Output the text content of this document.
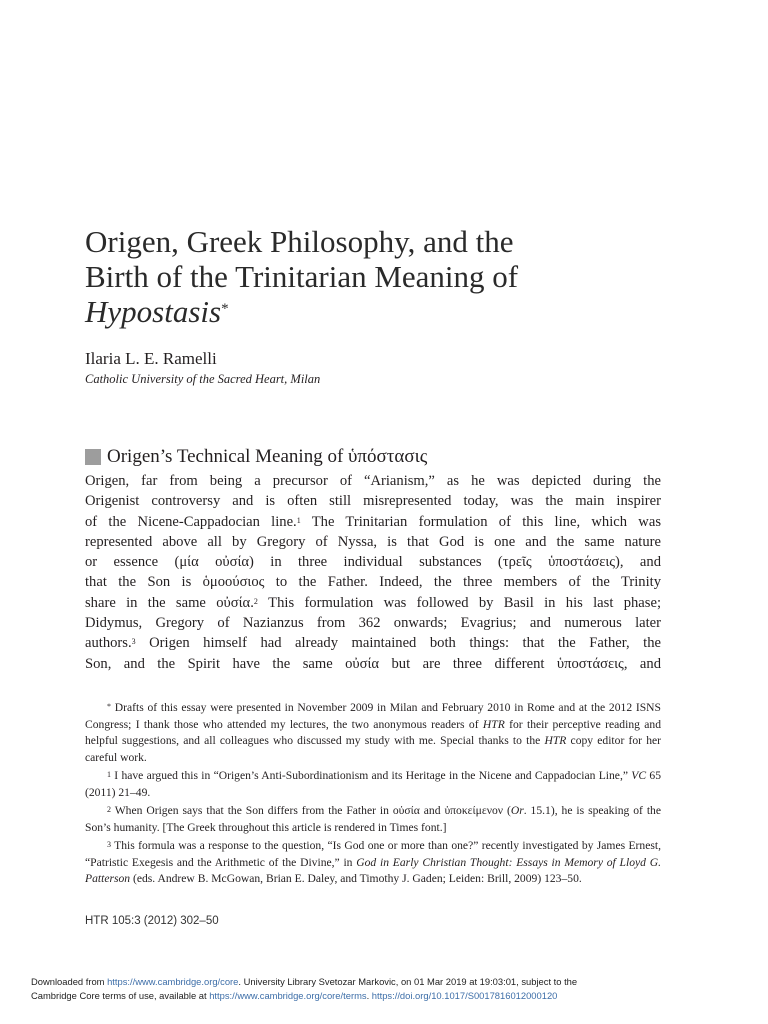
Origen, Greek Philosophy, and the
Birth of the Trinitarian Meaning of
Hypostasis*
Ilaria L. E. Ramelli
Catholic University of the Sacred Heart, Milan
Origen’s Technical Meaning of ὑπόστασις

Origen, far from being a precursor of “Arianism,” as he was depicted during the

Origenist controversy and is often still misrepresented today, was the main inspirer

of the Nicene-Cappadocian line.$^1$ The Trinitarian formulation of this line, which was

represented above all by Gregory of Nyssa, is that God is one and the same nature

or essence (μία οὐσία) in three individual substances (τρεῖς ὑποστάσεις), and

that the Son is ὁμοούσιος to the Father. Indeed, the three members of the Trinity

share in the same οὐσία.$^2$ This formulation was followed by Basil in his last phase;

Didymus, Gregory of Nazianzus from 362 onwards; Evagrius; and numerous later

authors.$^3$ Origen himself had already maintained both things: that the Father, the

Son, and the Spirit have the same οὐσία but are three different ὑποστάσεις, and

* Drafts of this essay were presented in November 2009 in Milan and February 2010 in Rome and at the 2012 ISNS Congress; I thank those who attended my lectures, the two anonymous readers of HTR for their perceptive reading and helpful suggestions, and all colleagues who discussed my study with me. Special thanks to the HTR copy editor for her careful work.

$^1$ I have argued this in “Origen’s Anti-Subordinationism and its Heritage in the Nicene and Cappadocian Line,” VC 65 (2011) 21–49.

$^2$ When Origen says that the Son differs from the Father in οὐσία and ὑποκείμενον (Or. 15.1), he is speaking of the Son’s humanity. [The Greek throughout this article is rendered in Times font.]

$^3$ This formula was a response to the question, “Is God one or more than one?” recently investigated by James Ernest, “Patristic Exegesis and the Arithmetic of the Divine,” in God in Early Christian Thought: Essays in Memory of Lloyd G. Patterson (eds. Andrew B. McGowan, Brian E. Daley, and Timothy J. Gaden; Leiden: Brill, 2009) 123–50.

HTR 105:3 (2012) 302–50
Downloaded from https://www.cambridge.org/core. University Library Svetozar Markovic, on 01 Mar 2019 at 19:03:01, subject to the
Cambridge Core terms of use, available at https://www.cambridge.org/core/terms. https://doi.org/10.1017/S0017816012000120
